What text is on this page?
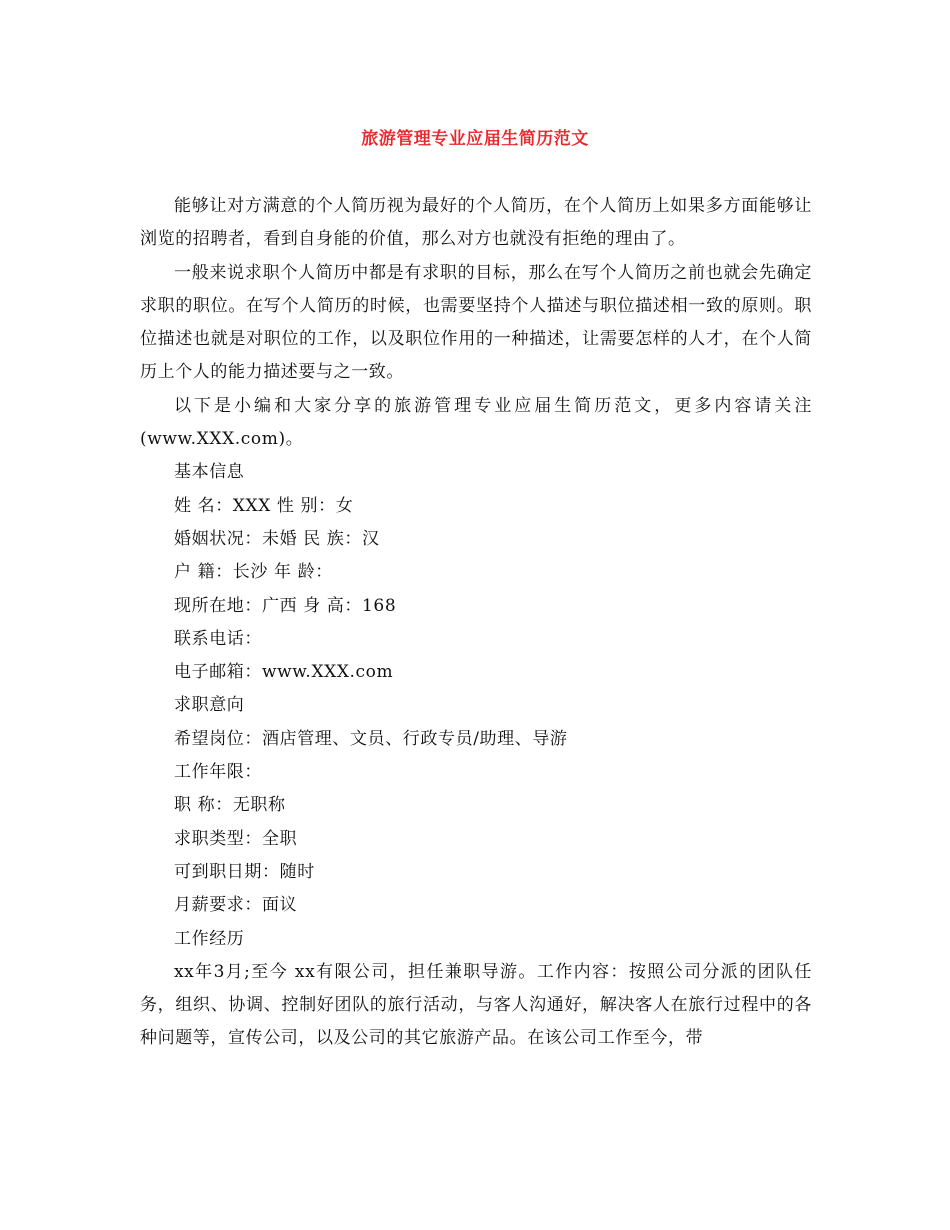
旅游管理专业应届生简历范文

能够让对方满意的个人简历视为最好的个人简历，在个人简历上如果多方面能够让浏览的招聘者，看到自身能的价值，那么对方也就没有拒绝的理由了。

一般来说求职个人简历中都是有求职的目标，那么在写个人简历之前也就会先确定求职的职位。在写个人简历的时候，也需要坚持个人描述与职位描述相一致的原则。职位描述也就是对职位的工作，以及职位作用的一种描述，让需要怎样的人才，在个人简历上个人的能力描述要与之一致。

以下是小编和大家分享的旅游管理专业应届生简历范文，更多内容请关注(www.XXX.com)。

基本信息

姓 名：XXX 性 别：女

婚姻状况：未婚 民 族：汉

户 籍：长沙 年 龄：

现所在地：广西 身 高：168

联系电话：

电子邮箱：www.XXX.com

求职意向

希望岗位：酒店管理、文员、行政专员/助理、导游

工作年限：

职 称：无职称

求职类型：全职

可到职日期：随时

月薪要求：面议

工作经历

xx年3月;至今 xx有限公司，担任兼职导游。工作内容：按照公司分派的团队任务，组织、协调、控制好团队的旅行活动，与客人沟通好，解决客人在旅行过程中的各种问题等，宣传公司，以及公司的其它旅游产品。在该公司工作至今，带
